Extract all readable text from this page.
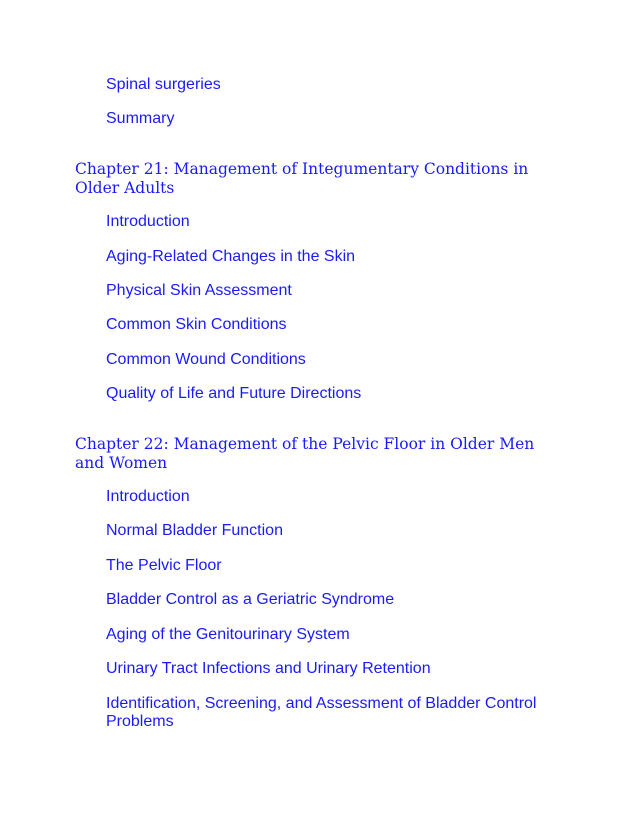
Spinal surgeries
Summary
Chapter 21: Management of Integumentary Conditions in Older Adults
Introduction
Aging-Related Changes in the Skin
Physical Skin Assessment
Common Skin Conditions
Common Wound Conditions
Quality of Life and Future Directions
Chapter 22: Management of the Pelvic Floor in Older Men and Women
Introduction
Normal Bladder Function
The Pelvic Floor
Bladder Control as a Geriatric Syndrome
Aging of the Genitourinary System
Urinary Tract Infections and Urinary Retention
Identification, Screening, and Assessment of Bladder Control Problems
